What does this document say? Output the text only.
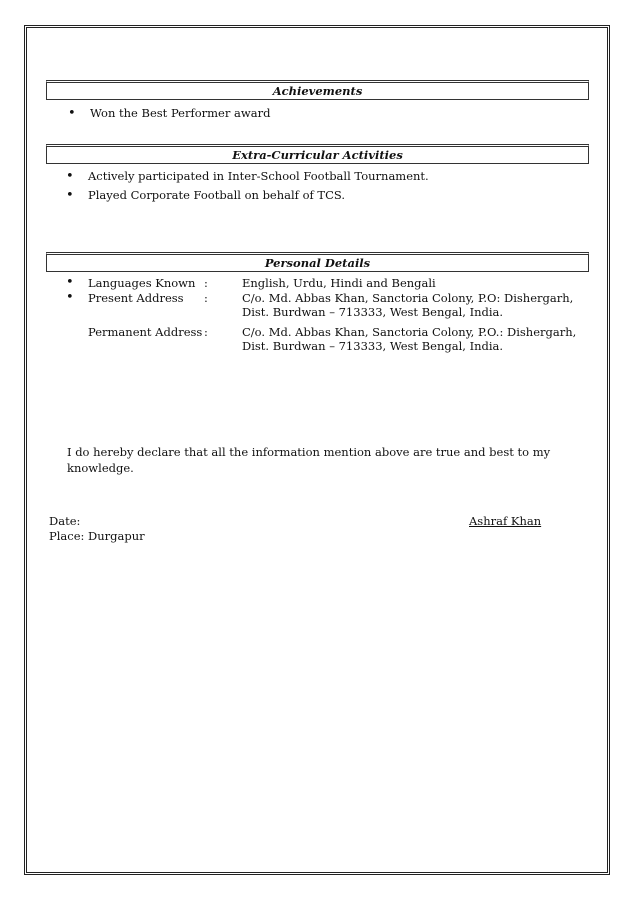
Achievements
• Won the Best Performer award
Extra-Curricular Activities
• Actively participated in Inter-School Football Tournament.
• Played Corporate Football on behalf of TCS.
Personal Details
•	Languages Known	:	English, Urdu, Hindi and Bengali
•	Present Address	:	C/o. Md. Abbas Khan, Sanctoria Colony, P.O: Dishergarh, Dist. Burdwan – 713333, West Bengal, India.
	Permanent Address	:	C/o. Md. Abbas Khan, Sanctoria Colony, P.O.: Dishergarh, Dist. Burdwan – 713333, West Bengal, India.
I do hereby declare that all the information mention above are true and best to my knowledge.
Date:
Place: Durgapur
Ashraf Khan
